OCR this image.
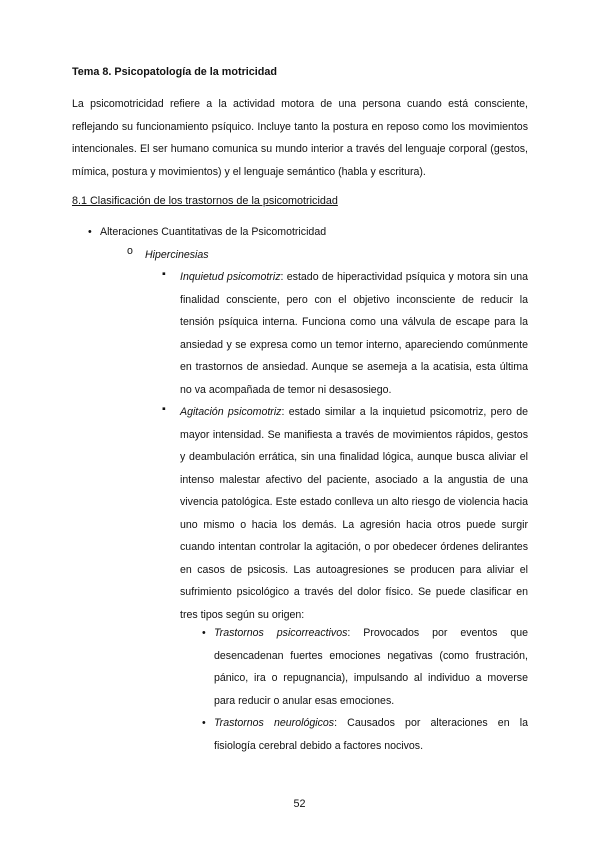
Tema 8. Psicopatología de la motricidad
La psicomotricidad refiere a la actividad motora de una persona cuando está consciente, reflejando su funcionamiento psíquico. Incluye tanto la postura en reposo como los movimientos intencionales. El ser humano comunica su mundo interior a través del lenguaje corporal (gestos, mímica, postura y movimientos) y el lenguaje semántico (habla y escritura).
8.1 Clasificación de los trastornos de la psicomotricidad
• Alteraciones Cuantitativas de la Psicomotricidad
o Hipercinesias
▪ Inquietud psicomotriz: estado de hiperactividad psíquica y motora sin una finalidad consciente, pero con el objetivo inconsciente de reducir la tensión psíquica interna. Funciona como una válvula de escape para la ansiedad y se expresa como un temor interno, apareciendo comúnmente en trastornos de ansiedad. Aunque se asemeja a la acatisia, esta última no va acompañada de temor ni desasosiego.
▪ Agitación psicomotriz: estado similar a la inquietud psicomotriz, pero de mayor intensidad. Se manifiesta a través de movimientos rápidos, gestos y deambulación errática, sin una finalidad lógica, aunque busca aliviar el intenso malestar afectivo del paciente, asociado a la angustia de una vivencia patológica. Este estado conlleva un alto riesgo de violencia hacia uno mismo o hacia los demás. La agresión hacia otros puede surgir cuando intentan controlar la agitación, o por obedecer órdenes delirantes en casos de psicosis. Las autoagresiones se producen para aliviar el sufrimiento psicológico a través del dolor físico. Se puede clasificar en tres tipos según su origen:
• Trastornos psicorreactivos: Provocados por eventos que desencadenan fuertes emociones negativas (como frustración, pánico, ira o repugnancia), impulsando al individuo a moverse para reducir o anular esas emociones.
• Trastornos neurológicos: Causados por alteraciones en la fisiología cerebral debido a factores nocivos.
52
